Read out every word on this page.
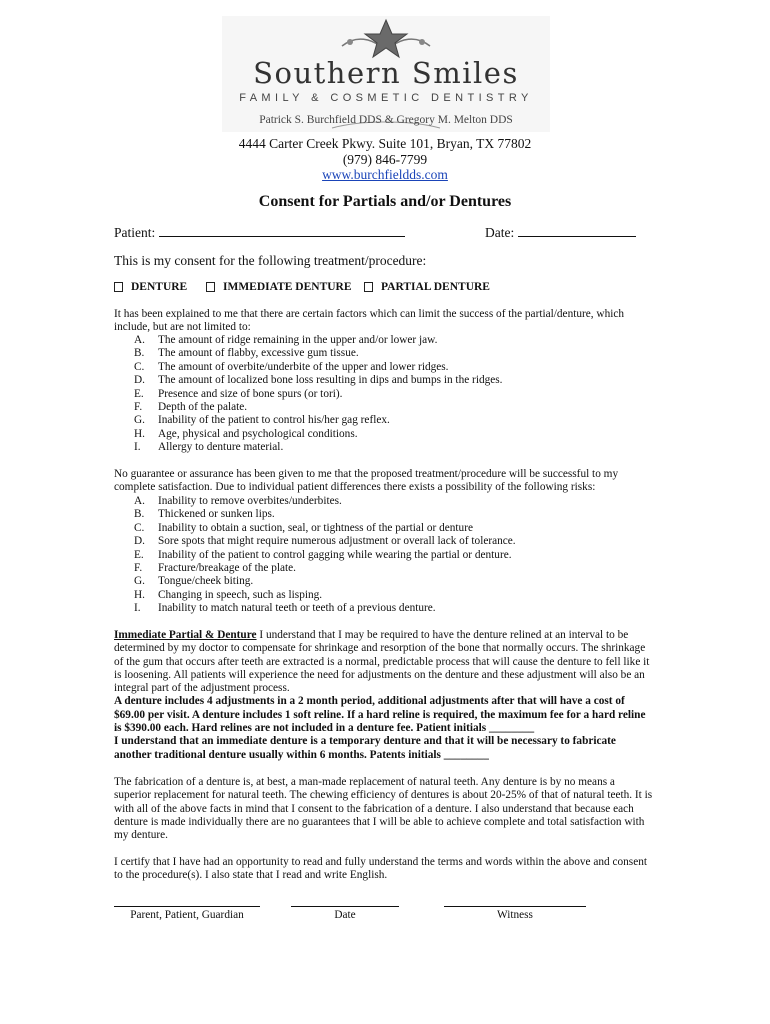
Southern Smiles
FAMILY & COSMETIC DENTISTRY
Patrick S. Burchfield DDS & Gregory M. Melton DDS
4444 Carter Creek Pkwy. Suite 101, Bryan, TX 77802
(979) 846-7799
www.burchfieldds.com
Consent for Partials and/or Dentures
Patient:	Date:
This is my consent for the following treatment/procedure:
DENTURE	IMMEDIATE DENTURE	PARTIAL DENTURE
It has been explained to me that there are certain factors which can limit the success of the partial/denture, which include, but are not limited to:
A.	The amount of ridge remaining in the upper and/or lower jaw.
B.	The amount of flabby, excessive gum tissue.
C.	The amount of overbite/underbite of the upper and lower ridges.
D.	The amount of localized bone loss resulting in dips and bumps in the ridges.
E.	Presence and size of bone spurs (or tori).
F.	Depth of the palate.
G.	Inability of the patient to control his/her gag reflex.
H.	Age, physical and psychological conditions.
I.	Allergy to denture material.
No guarantee or assurance has been given to me that the proposed treatment/procedure will be successful to my complete satisfaction. Due to individual patient differences there exists a possibility of the following risks:
A.	Inability to remove overbites/underbites.
B.	Thickened or sunken lips.
C.	Inability to obtain a suction, seal, or tightness of the partial or denture
D.	Sore spots that might require numerous adjustment or overall lack of tolerance.
E.	Inability of the patient to control gagging while wearing the partial or denture.
F.	Fracture/breakage of the plate.
G.	Tongue/cheek biting.
H.	Changing in speech, such as lisping.
I.	Inability to match natural teeth or teeth of a previous denture.
Immediate Partial & Denture I understand that I may be required to have the denture relined at an interval to be determined by my doctor to compensate for shrinkage and resorption of the bone that normally occurs. The shrinkage of the gum that occurs after teeth are extracted is a normal, predictable process that will cause the denture to fell like it is loosening. All patients will experience the need for adjustments on the denture and these adjustment will also be an integral part of the adjustment process.
A denture includes 4 adjustments in a 2 month period, additional adjustments after that will have a cost of $69.00 per visit. A denture includes 1 soft reline. If a hard reline is required, the maximum fee for a hard reline is $390.00 each. Hard relines are not included in a denture fee. Patient initials ________
I understand that an immediate denture is a temporary denture and that it will be necessary to fabricate another traditional denture usually within 6 months. Patents initials ________
The fabrication of a denture is, at best, a man-made replacement of natural teeth. Any denture is by no means a superior replacement for natural teeth. The chewing efficiency of dentures is about 20-25% of that of natural teeth. It is with all of the above facts in mind that I consent to the fabrication of a denture. I also understand that because each denture is made individually there are no guarantees that I will be able to achieve complete and total satisfaction with my denture.
I certify that I have had an opportunity to read and fully understand the terms and words within the above and consent to the procedure(s). I also state that I read and write English.
Parent, Patient, Guardian	Date	Witness
